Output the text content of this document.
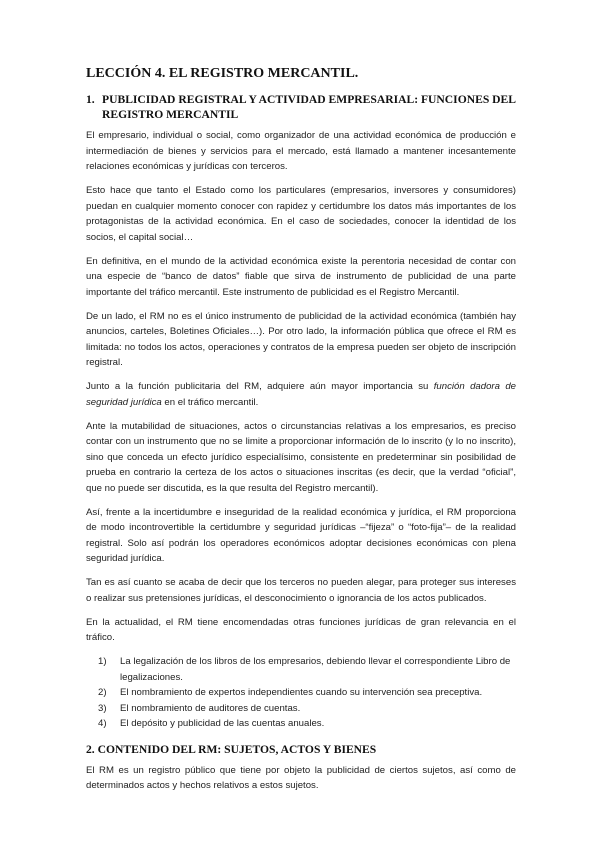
LECCIÓN 4. EL REGISTRO MERCANTIL.
1. PUBLICIDAD REGISTRAL Y ACTIVIDAD EMPRESARIAL: FUNCIONES DEL REGISTRO MERCANTIL

El empresario, individual o social, como organizador de una actividad económica de producción e intermediación de bienes y servicios para el mercado, está llamado a mantener incesantemente relaciones económicas y jurídicas con terceros.

Esto hace que tanto el Estado como los particulares (empresarios, inversores y consumidores) puedan en cualquier momento conocer con rapidez y certidumbre los datos más importantes de los protagonistas de la actividad económica. En el caso de sociedades, conocer la identidad de los socios, el capital social…

En definitiva, en el mundo de la actividad económica existe la perentoria necesidad de contar con una especie de “banco de datos” fiable que sirva de instrumento de publicidad de una parte importante del tráfico mercantil. Este instrumento de publicidad es el Registro Mercantil.

De un lado, el RM no es el único instrumento de publicidad de la actividad económica (también hay anuncios, carteles, Boletines Oficiales…). Por otro lado, la información pública que ofrece el RM es limitada: no todos los actos, operaciones y contratos de la empresa pueden ser objeto de inscripción registral.

Junto a la función publicitaria del RM, adquiere aún mayor importancia su función dadora de seguridad jurídica en el tráfico mercantil.

Ante la mutabilidad de situaciones, actos o circunstancias relativas a los empresarios, es preciso contar con un instrumento que no se limite a proporcionar información de lo inscrito (y lo no inscrito), sino que conceda un efecto jurídico especialísimo, consistente en predeterminar sin posibilidad de prueba en contrario la certeza de los actos o situaciones inscritas (es decir, que la verdad “oficial”, que no puede ser discutida, es la que resulta del Registro mercantil).

Así, frente a la incertidumbre e inseguridad de la realidad económica y jurídica, el RM proporciona de modo incontrovertible la certidumbre y seguridad jurídicas –“fijeza” o “foto-fija”– de la realidad registral. Solo así podrán los operadores económicos adoptar decisiones económicas con plena seguridad jurídica.

Tan es así cuanto se acaba de decir que los terceros no pueden alegar, para proteger sus intereses o realizar sus pretensiones jurídicas, el desconocimiento o ignorancia de los actos publicados.

En la actualidad, el RM tiene encomendadas otras funciones jurídicas de gran relevancia en el tráfico.

1)	La legalización de los libros de los empresarios, debiendo llevar el correspondiente Libro de legalizaciones.
2)	El nombramiento de expertos independientes cuando su intervención sea preceptiva.
3)	El nombramiento de auditores de cuentas.
4)	El depósito y publicidad de las cuentas anuales.
2. CONTENIDO DEL RM: SUJETOS, ACTOS Y BIENES

El RM es un registro público que tiene por objeto la publicidad de ciertos sujetos, así como de determinados actos y hechos relativos a estos sujetos.
